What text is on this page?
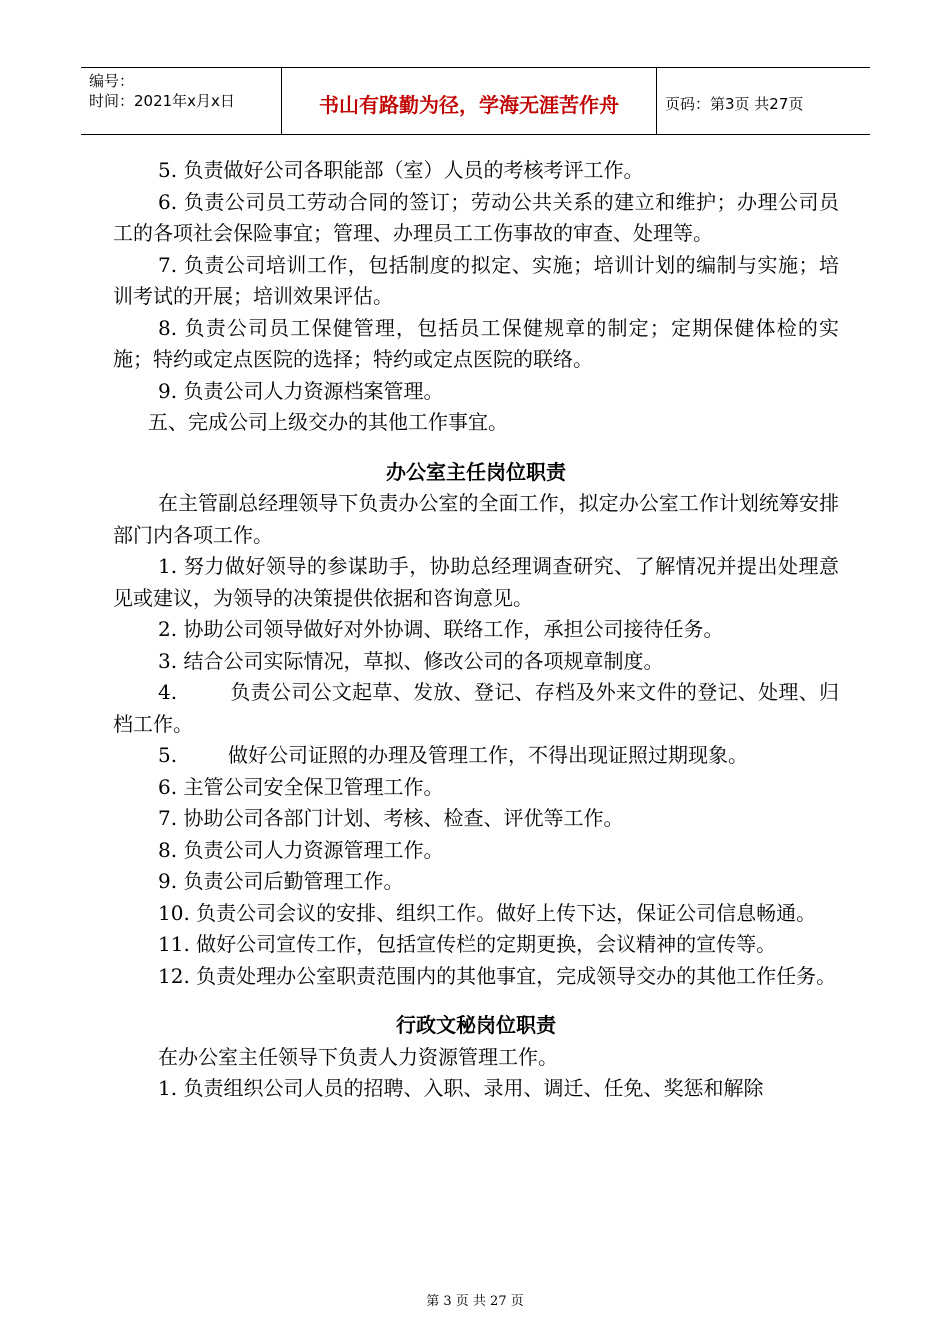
编号：
时间：2021年x月x日	书山有路勤为径，学海无涯苦作舟	页码：第3页 共27页

5. 负责做好公司各职能部（室）人员的考核考评工作。

6. 负责公司员工劳动合同的签订；劳动公共关系的建立和维护；办理公司员工的各项社会保险事宜；管理、办理员工工伤事故的审查、处理等。

7. 负责公司培训工作，包括制度的拟定、实施；培训计划的编制与实施；培训考试的开展；培训效果评估。

8. 负责公司员工保健管理，包括员工保健规章的制定；定期保健体检的实施；特约或定点医院的选择；特约或定点医院的联络。

9. 负责公司人力资源档案管理。

五、完成公司上级交办的其他工作事宜。

办公室主任岗位职责

在主管副总经理领导下负责办公室的全面工作，拟定办公室工作计划统筹安排部门内各项工作。

1. 努力做好领导的参谋助手，协助总经理调查研究、了解情况并提出处理意见或建议，为领导的决策提供依据和咨询意见。

2. 协助公司领导做好对外协调、联络工作，承担公司接待任务。

3. 结合公司实际情况，草拟、修改公司的各项规章制度。

4.        负责公司公文起草、发放、登记、存档及外来文件的登记、处理、归档工作。

5.        做好公司证照的办理及管理工作，不得出现证照过期现象。

6. 主管公司安全保卫管理工作。

7. 协助公司各部门计划、考核、检查、评优等工作。

8. 负责公司人力资源管理工作。

9. 负责公司后勤管理工作。

10. 负责公司会议的安排、组织工作。做好上传下达，保证公司信息畅通。

11. 做好公司宣传工作，包括宣传栏的定期更换，会议精神的宣传等。

12. 负责处理办公室职责范围内的其他事宜，完成领导交办的其他工作任务。

行政文秘岗位职责

在办公室主任领导下负责人力资源管理工作。

1. 负责组织公司人员的招聘、入职、录用、调迁、任免、奖惩和解除

第 3 页 共 27 页
